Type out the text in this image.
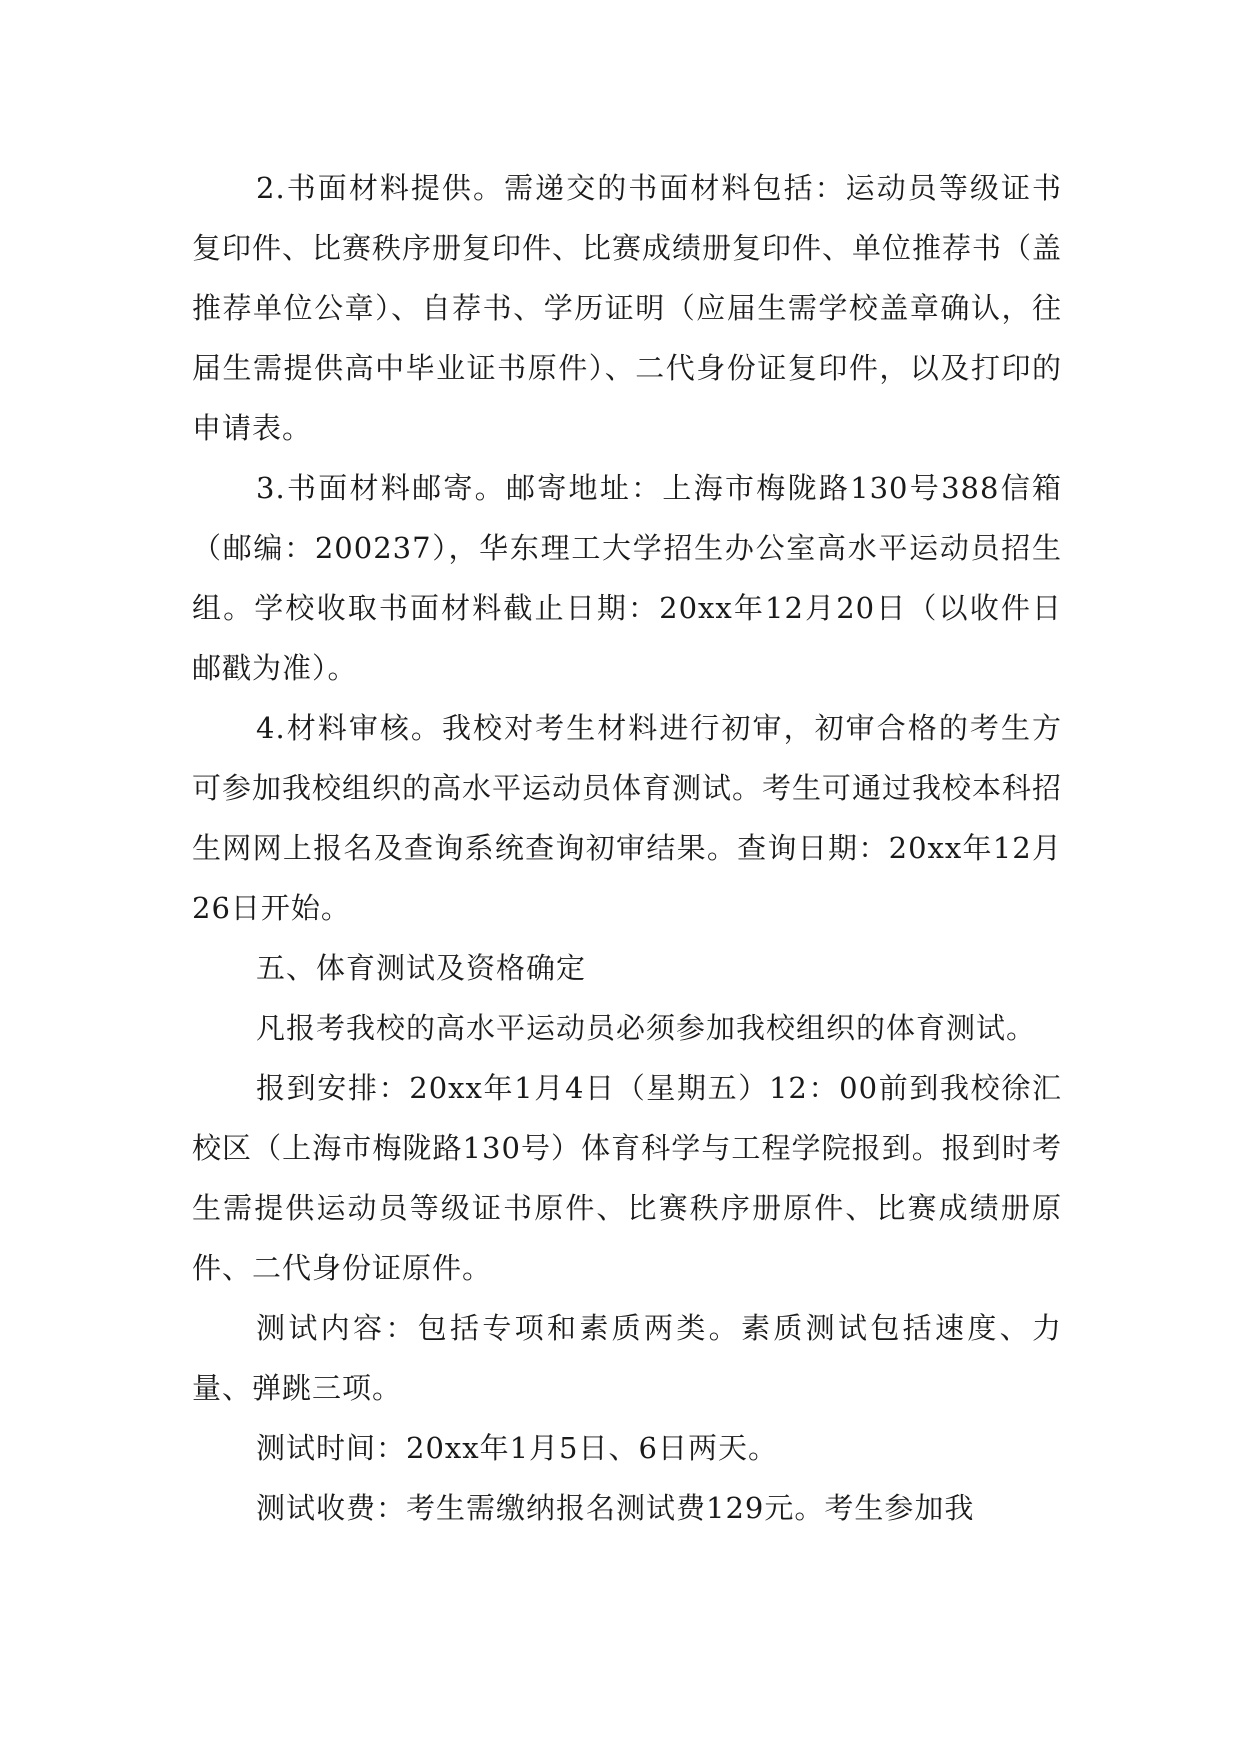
2.书面材料提供。需递交的书面材料包括：运动员等级证书复印件、比赛秩序册复印件、比赛成绩册复印件、单位推荐书（盖推荐单位公章）、自荐书、学历证明（应届生需学校盖章确认，往届生需提供高中毕业证书原件）、二代身份证复印件，以及打印的申请表。

3.书面材料邮寄。邮寄地址：上海市梅陇路130号388信箱（邮编：200237），华东理工大学招生办公室高水平运动员招生组。学校收取书面材料截止日期：20xx年12月20日（以收件日邮戳为准）。

4.材料审核。我校对考生材料进行初审，初审合格的考生方可参加我校组织的高水平运动员体育测试。考生可通过我校本科招生网网上报名及查询系统查询初审结果。查询日期：20xx年12月26日开始。

五、体育测试及资格确定

凡报考我校的高水平运动员必须参加我校组织的体育测试。

报到安排：20xx年1月4日（星期五）12：00前到我校徐汇校区（上海市梅陇路130号）体育科学与工程学院报到。报到时考生需提供运动员等级证书原件、比赛秩序册原件、比赛成绩册原件、二代身份证原件。

测试内容：包括专项和素质两类。素质测试包括速度、力量、弹跳三项。

测试时间：20xx年1月5日、6日两天。

测试收费：考生需缴纳报名测试费129元。考生参加我
